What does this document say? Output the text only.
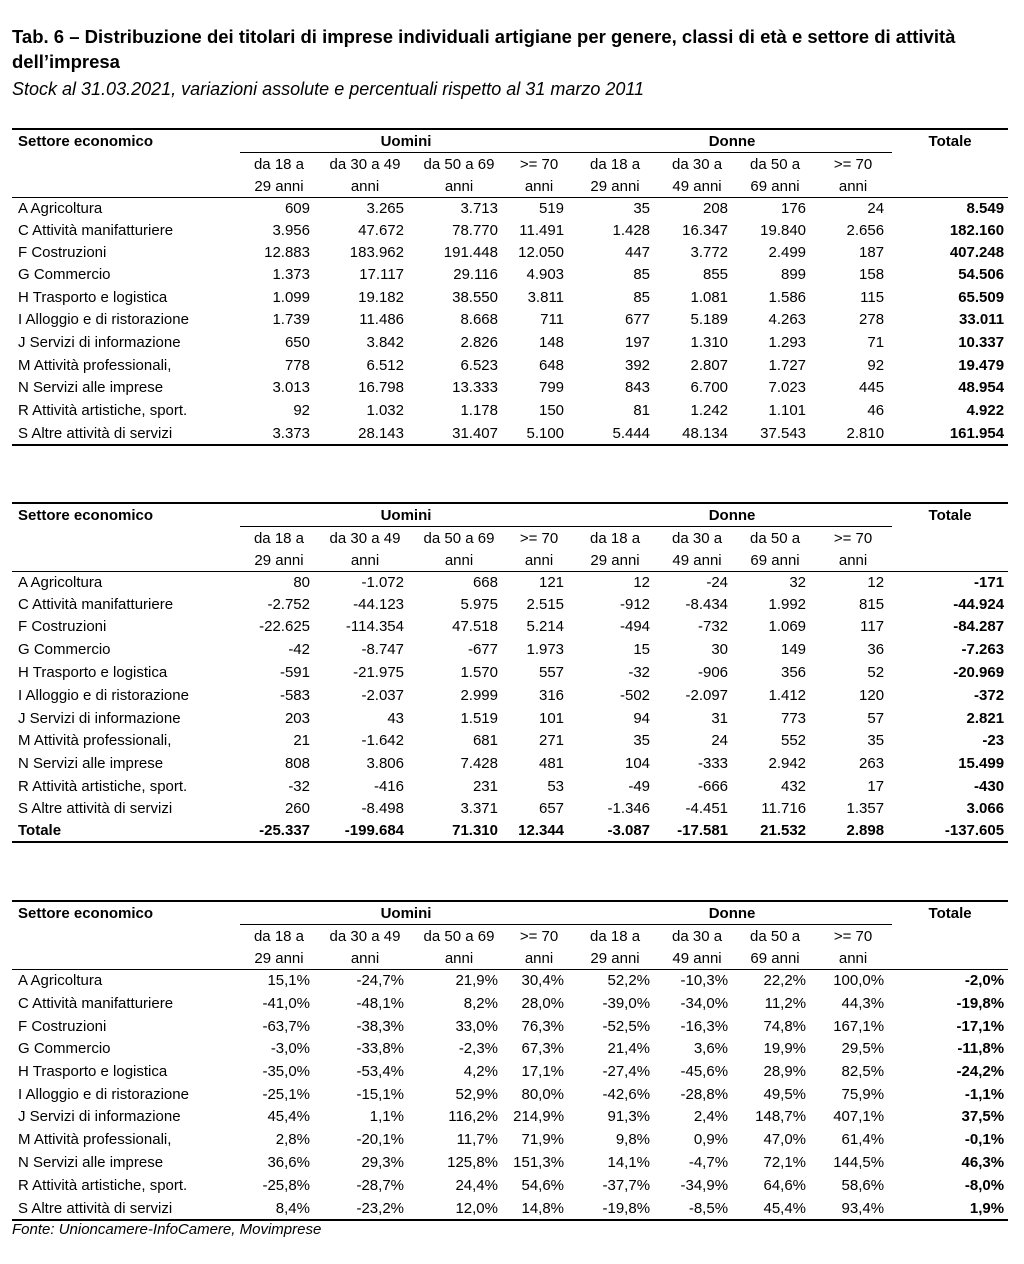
Tab. 6 – Distribuzione dei titolari di imprese individuali artigiane per genere, classi di età e settore di attività dell’impresa
Stock al 31.03.2021, variazioni assolute e percentuali rispetto al 31 marzo 2011
Settore economico	Uomini				Donne				Totale
	da 18 a	da 30 a 49	da 50 a 69	>= 70	da 18 a	da 30 a	da 50 a	>= 70	
	29 anni	anni	anni	anni	29 anni	49 anni	69 anni	anni	
A Agricoltura	609	3.265	3.713	519	35	208	176	24	8.549
C Attività manifatturiere	3.956	47.672	78.770	11.491	1.428	16.347	19.840	2.656	182.160
F Costruzioni	12.883	183.962	191.448	12.050	447	3.772	2.499	187	407.248
G Commercio	1.373	17.117	29.116	4.903	85	855	899	158	54.506
H Trasporto e logistica	1.099	19.182	38.550	3.811	85	1.081	1.586	115	65.509
I Alloggio e di ristorazione	1.739	11.486	8.668	711	677	5.189	4.263	278	33.011
J Servizi di informazione	650	3.842	2.826	148	197	1.310	1.293	71	10.337
M Attività professionali,	778	6.512	6.523	648	392	2.807	1.727	92	19.479
N Servizi alle imprese	3.013	16.798	13.333	799	843	6.700	7.023	445	48.954
R Attività artistiche, sport.	92	1.032	1.178	150	81	1.242	1.101	46	4.922
S Altre attività di servizi	3.373	28.143	31.407	5.100	5.444	48.134	37.543	2.810	161.954
Settore economico	Uomini				Donne				Totale
	da 18 a	da 30 a 49	da 50 a 69	>= 70	da 18 a	da 30 a	da 50 a	>= 70	
	29 anni	anni	anni	anni	29 anni	49 anni	69 anni	anni	
A Agricoltura	80	-1.072	668	121	12	-24	32	12	-171
C Attività manifatturiere	-2.752	-44.123	5.975	2.515	-912	-8.434	1.992	815	-44.924
F Costruzioni	-22.625	-114.354	47.518	5.214	-494	-732	1.069	117	-84.287
G Commercio	-42	-8.747	-677	1.973	15	30	149	36	-7.263
H Trasporto e logistica	-591	-21.975	1.570	557	-32	-906	356	52	-20.969
I Alloggio e di ristorazione	-583	-2.037	2.999	316	-502	-2.097	1.412	120	-372
J Servizi di informazione	203	43	1.519	101	94	31	773	57	2.821
M Attività professionali,	21	-1.642	681	271	35	24	552	35	-23
N Servizi alle imprese	808	3.806	7.428	481	104	-333	2.942	263	15.499
R Attività artistiche, sport.	-32	-416	231	53	-49	-666	432	17	-430
S Altre attività di servizi	260	-8.498	3.371	657	-1.346	-4.451	11.716	1.357	3.066
Totale	-25.337	-199.684	71.310	12.344	-3.087	-17.581	21.532	2.898	-137.605
Settore economico	Uomini				Donne				Totale
	da 18 a	da 30 a 49	da 50 a 69	>= 70	da 18 a	da 30 a	da 50 a	>= 70	
	29 anni	anni	anni	anni	29 anni	49 anni	69 anni	anni	
A Agricoltura	15,1%	-24,7%	21,9%	30,4%	52,2%	-10,3%	22,2%	100,0%	-2,0%
C Attività manifatturiere	-41,0%	-48,1%	8,2%	28,0%	-39,0%	-34,0%	11,2%	44,3%	-19,8%
F Costruzioni	-63,7%	-38,3%	33,0%	76,3%	-52,5%	-16,3%	74,8%	167,1%	-17,1%
G Commercio	-3,0%	-33,8%	-2,3%	67,3%	21,4%	3,6%	19,9%	29,5%	-11,8%
H Trasporto e logistica	-35,0%	-53,4%	4,2%	17,1%	-27,4%	-45,6%	28,9%	82,5%	-24,2%
I Alloggio e di ristorazione	-25,1%	-15,1%	52,9%	80,0%	-42,6%	-28,8%	49,5%	75,9%	-1,1%
J Servizi di informazione	45,4%	1,1%	116,2%	214,9%	91,3%	2,4%	148,7%	407,1%	37,5%
M Attività professionali,	2,8%	-20,1%	11,7%	71,9%	9,8%	0,9%	47,0%	61,4%	-0,1%
N Servizi alle imprese	36,6%	29,3%	125,8%	151,3%	14,1%	-4,7%	72,1%	144,5%	46,3%
R Attività artistiche, sport.	-25,8%	-28,7%	24,4%	54,6%	-37,7%	-34,9%	64,6%	58,6%	-8,0%
S Altre attività di servizi	8,4%	-23,2%	12,0%	14,8%	-19,8%	-8,5%	45,4%	93,4%	1,9%
Fonte: Unioncamere-InfoCamere, Movimprese
